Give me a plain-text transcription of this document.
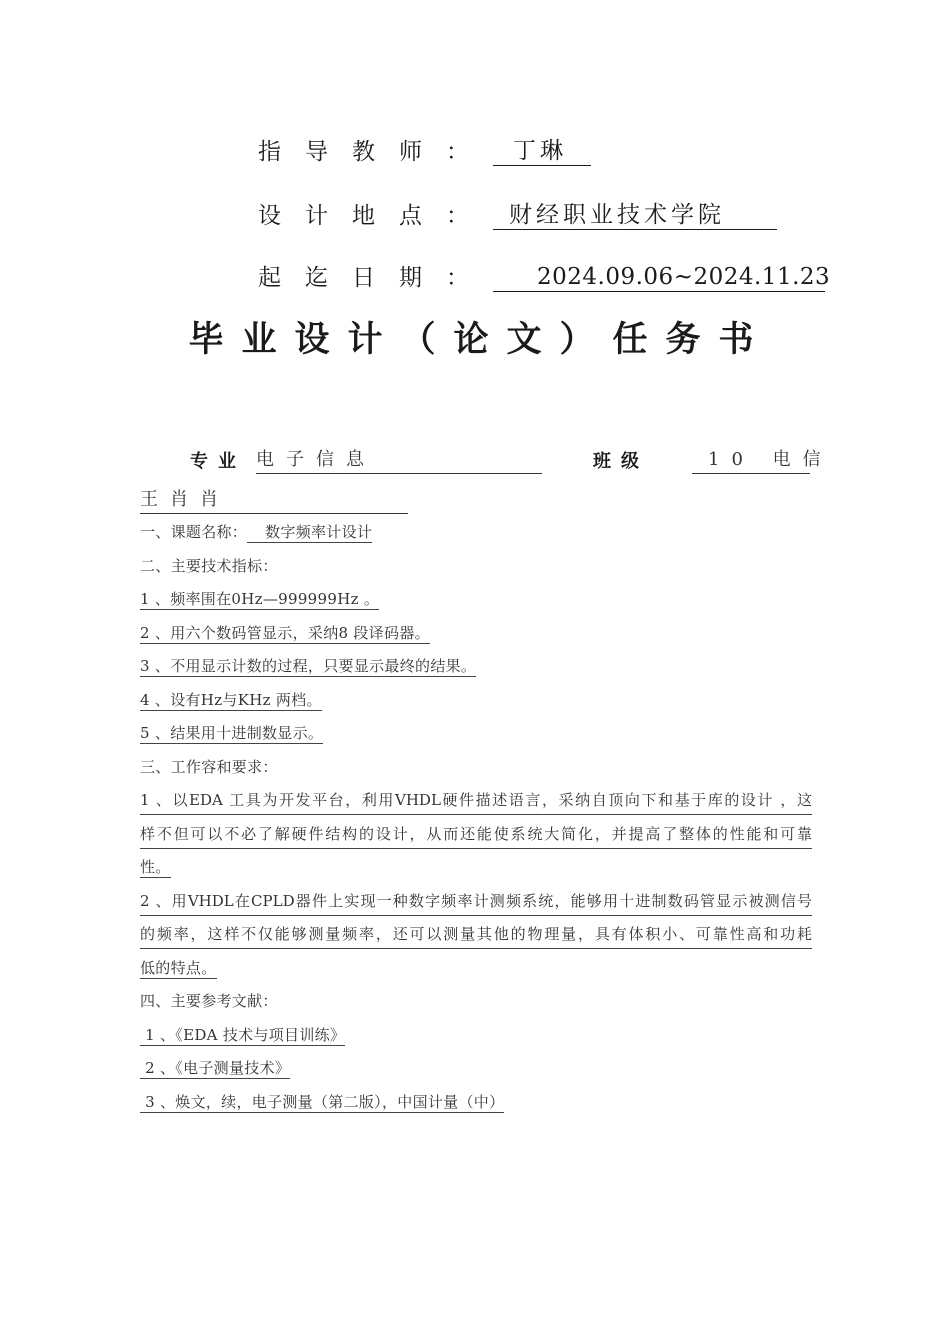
指导教师： 丁琳
设计地点： 财经职业技术学院
起迄日期：	2024.09.06~2024.11.23
毕业设计（论文）任务书
专业 电子信息	班级	10 电信
王肖肖
一、课题名称： 数字频率计设计
二、主要技术指标：
1 、频率围在0Hz—999999Hz 。
2 、用六个数码管显示，采纳8 段译码器。
3 、不用显示计数的过程，只要显示最终的结果。
4 、设有Hz与KHz 两档。
5 、结果用十进制数显示。
三、工作容和要求：
1 、以EDA 工具为开发平台，利用VHDL硬件描述语言，采纳自顶向下和基于库的设计 ，这
样不但可以不必了解硬件结构的设计，从而还能使系统大简化，并提高了整体的性能和可靠
性。
2 、用VHDL在CPLD器件上实现一种数字频率计测频系统，能够用十进制数码管显示被测信号
的频率，这样不仅能够测量频率，还可以测量其他的物理量，具有体积小、可靠性高和功耗
低的特点。
四、主要参考文献：
1 、《EDA 技术与项目训练》
2 、《电子测量技术》
3 、焕文，续，电子测量（第二版），中国计量（中）
